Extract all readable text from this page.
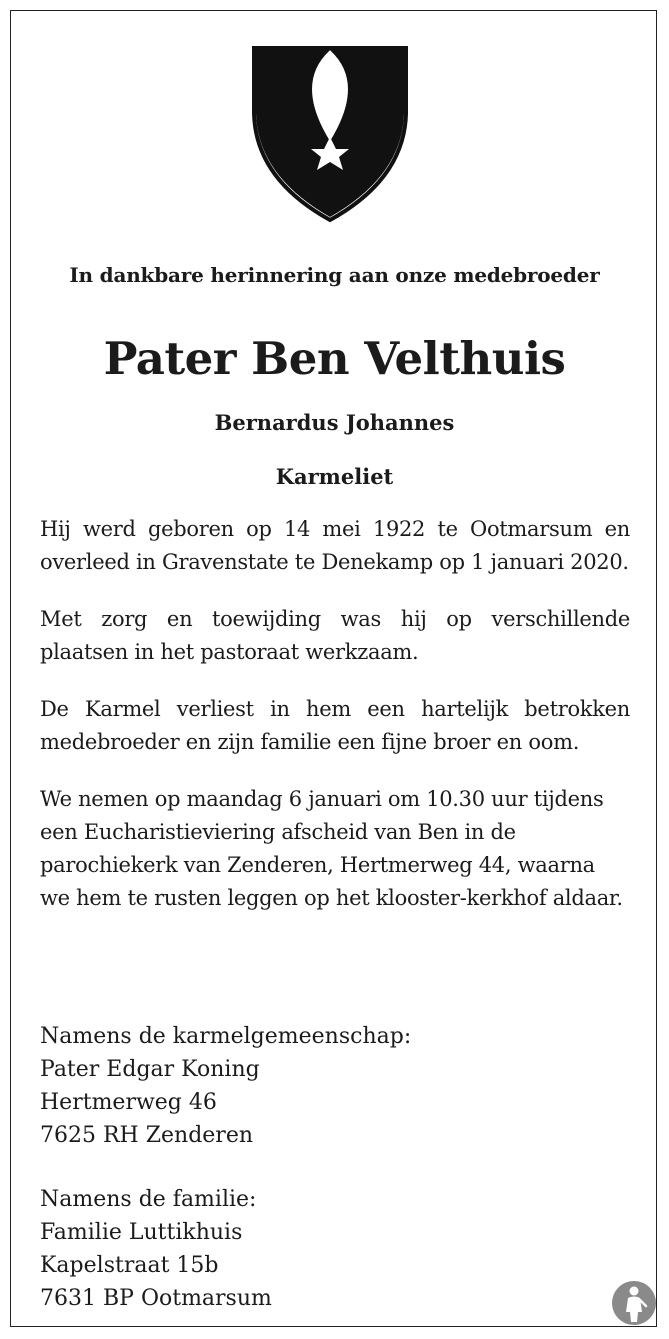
In dankbare herinnering aan onze medebroeder
Pater Ben Velthuis
Bernardus Johannes
Karmeliet

Hij werd geboren op 14 mei 1922 te Ootmarsum en overleed in Gravenstate te Denekamp op 1 januari 2020.

Met zorg en toewijding was hij op verschillende plaatsen in het pastoraat werkzaam.

De Karmel verliest in hem een hartelijk betrokken medebroeder en zijn familie een fijne broer en oom.

We nemen op maandag 6 januari om 10.30 uur tijdens een Eucharistieviering afscheid van Ben in de parochiekerk van Zenderen, Hertmerweg 44, waarna we hem te rusten leggen op het klooster-kerkhof aldaar.

Namens de karmelgemeenschap:
Pater Edgar Koning
Hertmerweg 46
7625 RH Zenderen
Namens de familie:
Familie Luttikhuis
Kapelstraat 15b
7631 BP Ootmarsum
